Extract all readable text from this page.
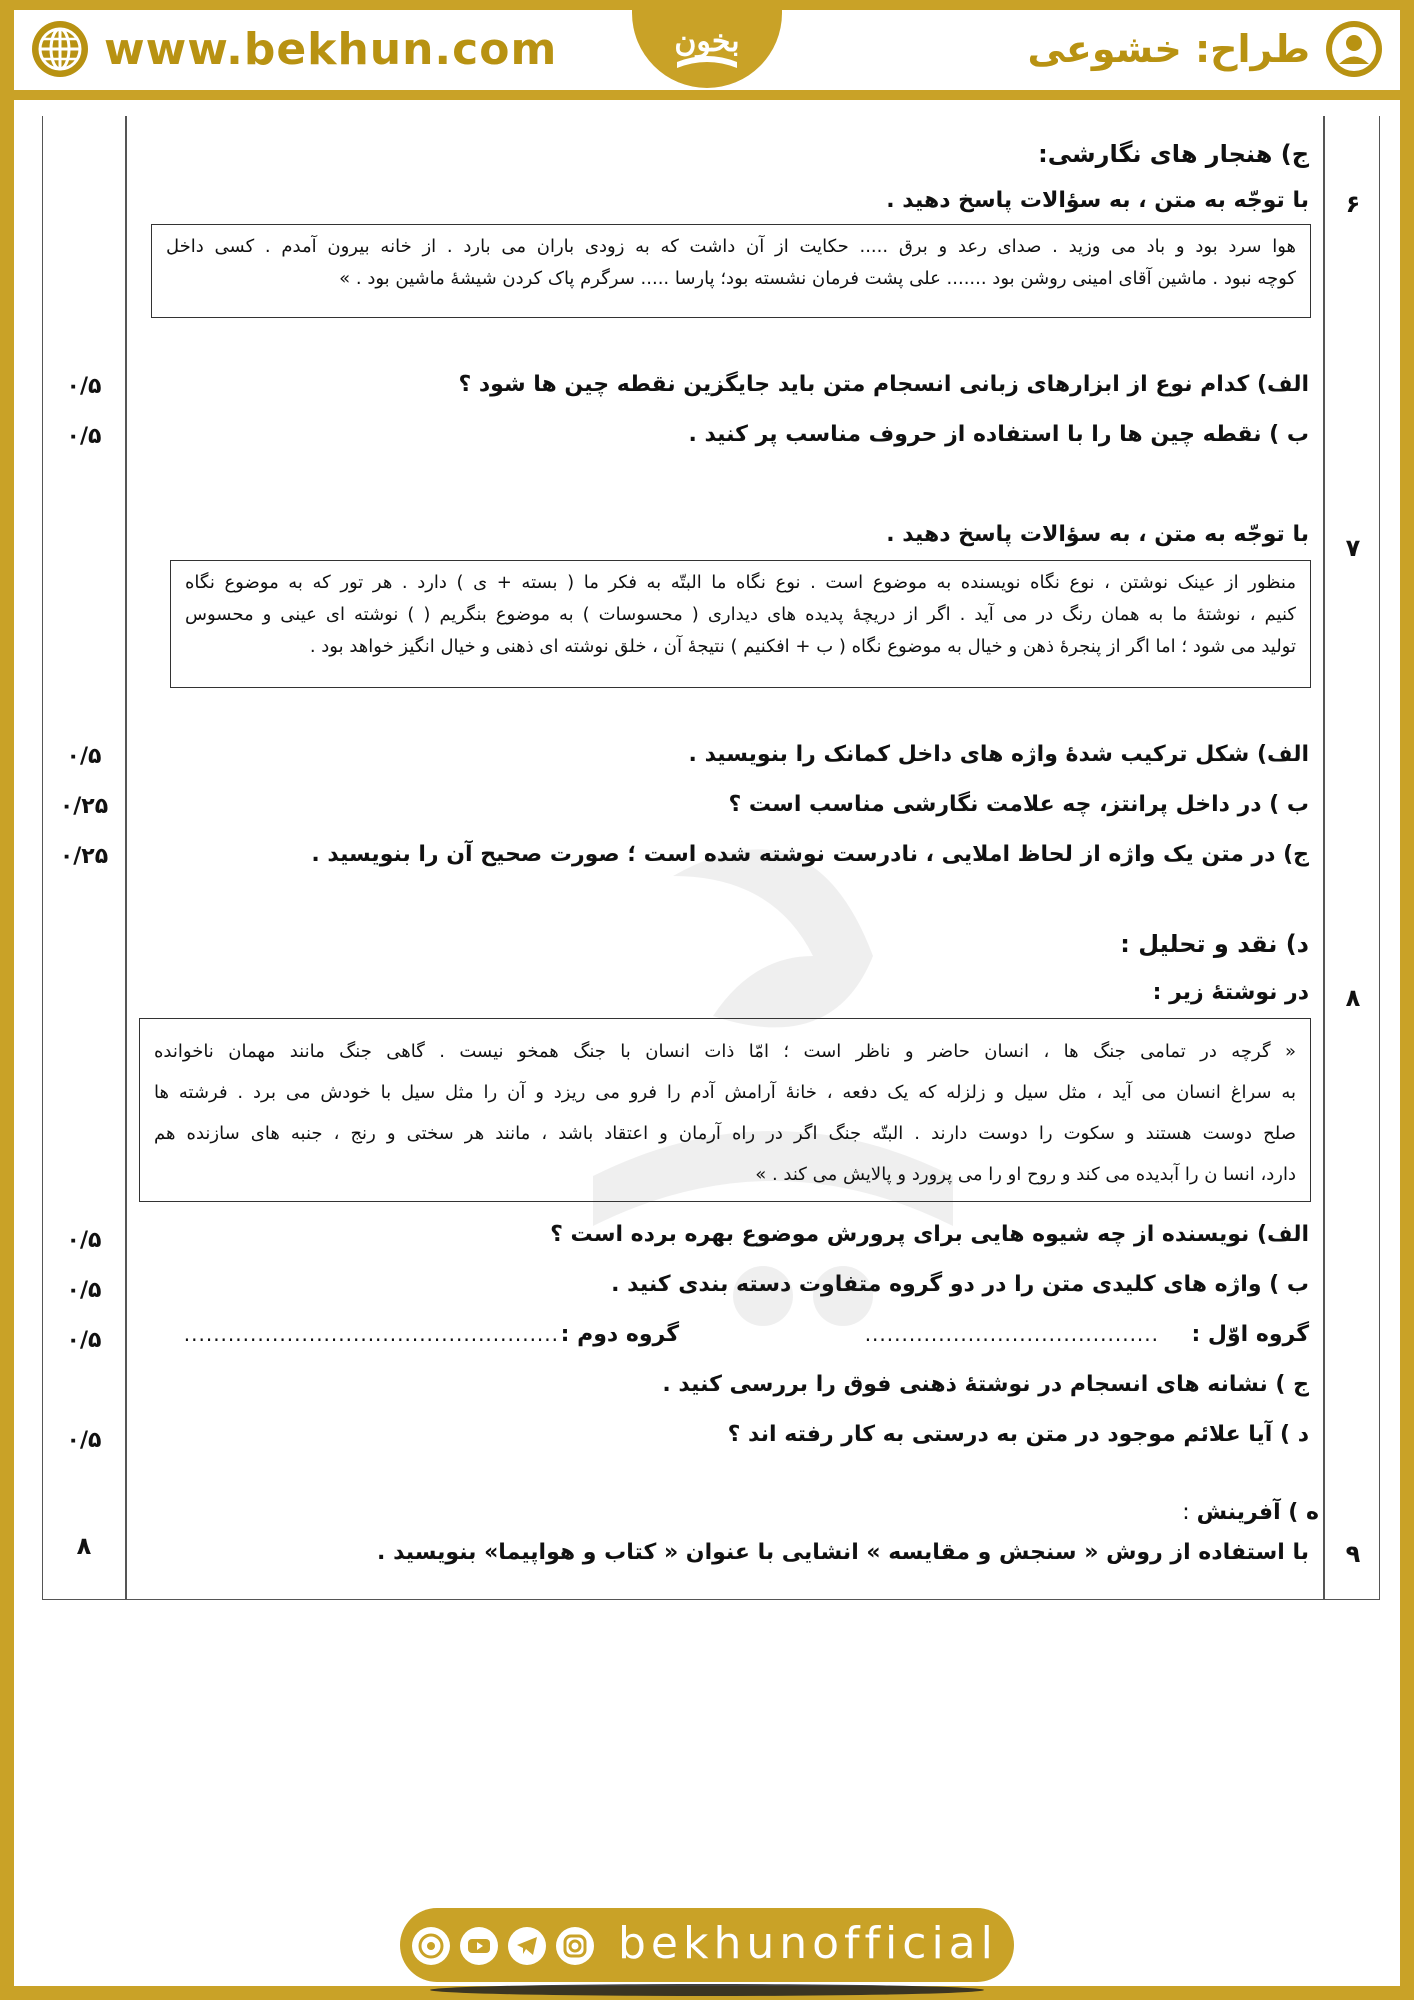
www.bekhun.com	بخون	طراح: خشوعی
ج) هنجار های نگارشی:
۶
با توجّه به متن ، به سؤالات پاسخ دهید .

هوا سرد بود و باد می وزید . صدای رعد و برق ..... حکایت از آن داشت که به زودی باران می بارد . از خانه بیرون آمدم . کسی داخل

کوچه نبود . ماشین آقای امینی روشن بود ....... علی پشت فرمان نشسته بود؛ پارسا ..... سرگرم پاک کردن شیشهٔ ماشین بود . »

الف) کدام نوع از ابزارهای زبانی انسجام متن باید جایگزین نقطه چین ها شود ؟
۰/۵
ب ) نقطه چین ها را با استفاده از حروف مناسب پر کنید .
۰/۵
۷
با توجّه به متن ، به سؤالات پاسخ دهید .

منظور از عینک نوشتن ، نوع نگاه نویسنده به موضوع است . نوع نگاه ما البتّه به فکر ما ( بسته + ی ) دارد . هر تور که به موضوع نگاه

کنیم ، نوشتهٔ ما به همان رنگ در می آید . اگر از دریچهٔ پدیده های دیداری ( محسوسات ) به موضوع بنگریم ( ) نوشته ای عینی و محسوس

تولید می شود ؛ اما اگر از پنجرهٔ ذهن و خیال به موضوع نگاه ( ب + افکنیم ) نتیجهٔ آن ، خلق نوشته ای ذهنی و خیال انگیز خواهد بود .

الف) شکل ترکیب شدهٔ واژه های داخل کمانک را بنویسید .
۰/۵
ب ) در داخل پرانتز، چه علامت نگارشی مناسب است ؟
۰/۲۵
ج) در متن یک واژه از لحاظ املایی ، نادرست نوشته شده است ؛ صورت صحیح آن را بنویسید .
۰/۲۵
د) نقد و تحلیل :
۸
در نوشتهٔ زیر :

« گرچه در تمامی جنگ ها ، انسان حاضر و ناظر است ؛ امّا ذات انسان با جنگ همخو نیست . گاهی جنگ مانند مهمان ناخوانده

به سراغ انسان می آید ، مثل سیل و زلزله که یک دفعه ، خانهٔ آرامش آدم را فرو می ریزد و آن را مثل سیل با خودش می برد . فرشته ها

صلح دوست هستند و سکوت را دوست دارند . البتّه جنگ اگر در راه آرمان و اعتقاد باشد ، مانند هر سختی و رنج ، جنبه های سازنده هم

دارد، انسا ن را آبدیده می کند و روح او را می پرورد و پالایش می کند . »

الف) نویسنده از چه شیوه هایی برای پرورش موضوع بهره برده است ؟
۰/۵
ب ) واژه های کلیدی متن را در دو گروه متفاوت دسته بندی کنید .
۰/۵
گروه اوّل :
........................................
گروه دوم :
...................................................
۰/۵
ج ) نشانه های انسجام در نوشتهٔ ذهنی فوق را بررسی کنید .
د ) آیا علائم موجود در متن به درستی به کار رفته اند ؟
۰/۵
ه ) آفرینش :
۹
با استفاده از روش « سنجش و مقایسه » انشایی با عنوان « کتاب و هواپیما» بنویسید .
۸
bekhunofficial
